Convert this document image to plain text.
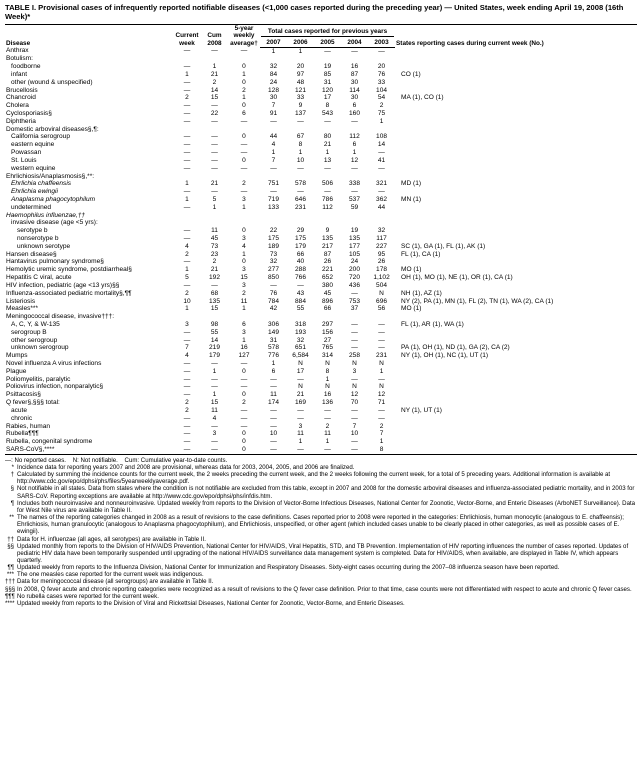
TABLE I. Provisional cases of infrequently reported notifiable diseases (<1,000 cases reported during the preceding year) — United States, week ending April 19, 2008 (16th Week)*
Disease	Current week	Cum 2008	5-year weekly average†	Total cases reported for previous years					States reporting cases during current week (No.)
				2007	2006	2005	2004	2003	
Anthrax	—	—	—	1	1	—	—	—	
Botulism:									
foodborne	—	1	0	32	20	19	16	20	
infant	1	21	1	84	97	85	87	76	CO (1)
other (wound & unspecified)	—	2	0	24	48	31	30	33	
Brucellosis	—	14	2	128	121	120	114	104	
Chancroid	2	15	1	30	33	17	30	54	MA (1), CO (1)
Cholera	—	—	0	7	9	8	6	2	
Cyclosporiasis§	—	22	6	91	137	543	160	75	
Diphtheria	—	—	—	—	—	—	—	1	
Domestic arboviral diseases§,¶:									
California serogroup	—	—	0	44	67	80	112	108	
eastern equine	—	—	—	4	8	21	6	14	
Powassan	—	—	—	1	1	1	1	—	
St. Louis	—	—	0	7	10	13	12	41	
western equine	—	—	—	—	—	—	—	—	
Ehrlichiosis/Anaplasmosis§,**:									
Ehrlichia chaffeensis	1	21	2	751	578	506	338	321	MD (1)
Ehrlichia ewingii	—	—	—	—	—	—	—	—	
Anaplasma phagocytophilum	1	5	3	719	646	786	537	362	MN (1)
undetermined	—	1	1	133	231	112	59	44	
Haemophilus influenzae,††									
invasive disease (age <5 yrs):									
serotype b	—	11	0	22	29	9	19	32	
nonserotype b	—	45	3	175	175	135	135	117	
unknown serotype	4	73	4	189	179	217	177	227	SC (1), GA (1), FL (1), AK (1)
Hansen disease§	2	23	1	73	66	87	105	95	FL (1), CA (1)
Hantavirus pulmonary syndrome§	—	2	0	32	40	26	24	26	
Hemolytic uremic syndrome, postdiarrheal§	1	21	3	277	288	221	200	178	MO (1)
Hepatitis C viral, acute	5	192	15	850	766	652	720	1,102	OH (1), MO (1), NE (1), OR (1), CA (1)
HIV infection, pediatric (age <13 yrs)§§	—	—	3	—	—	380	436	504	
Influenza-associated pediatric mortality§,¶¶	2	68	2	76	43	45	—	N	NH (1), AZ (1)
Listeriosis	10	135	11	784	884	896	753	696	NY (2), PA (1), MN (1), FL (2), TN (1), WA (2), CA (1)
Measles***	1	15	1	42	55	66	37	56	MO (1)
Meningococcal disease, invasive†††:									
A, C, Y, & W-135	3	98	6	306	318	297	—	—	FL (1), AR (1), WA (1)
serogroup B	—	55	3	149	193	156	—	—	
other serogroup	—	14	1	31	32	27	—	—	
unknown serogroup	7	219	16	578	651	765	—	—	PA (1), OH (1), ND (1), GA (2), CA (2)
Mumps	4	179	127	776	6,584	314	258	231	NY (1), OH (1), NC (1), UT (1)
Novel influenza A virus infections	—	—	—	1	N	N	N	N	
Plague	—	1	0	6	17	8	3	1	
Poliomyelitis, paralytic	—	—	—	—	—	1	—	—	
Poliovirus infection, nonparalytic§	—	—	—	—	N	N	N	N	
Psittacosis§	—	1	0	11	21	16	12	12	
Q fever§,§§§ total:	2	15	2	174	169	136	70	71	
acute	2	11	—	—	—	—	—	—	NY (1), UT (1)
chronic	—	4	—	—	—	—	—	—	
Rabies, human	—	—	—	—	3	2	7	2	
Rubella¶¶¶	—	3	0	10	11	11	10	7	
Rubella, congenital syndrome	—	—	0	—	1	1	—	1	
SARS-CoV§,****	—	—	0	—	—	—	—	8	
—: No reported cases.    N: Not notifiable.    Cum: Cumulative year-to-date counts.
* Incidence data for reporting years 2007 and 2008 are provisional, whereas data for 2003, 2004, 2005, and 2006 are finalized.
† Calculated by summing the incidence counts for the current week, the 2 weeks preceding the current week, and the 2 weeks following the current week, for a total of 5 preceding years. Additional information is available at http://www.cdc.gov/epo/dphsi/phs/files/5yearweeklyaverage.pdf.
§ Not notifiable in all states. Data from states where the condition is not notifiable are excluded from this table, except in 2007 and 2008 for the domestic arboviral diseases and influenza-associated pediatric mortality, and in 2003 for SARS-CoV. Reporting exceptions are available at http://www.cdc.gov/epo/dphsi/phs/infdis.htm.
¶ Includes both neuroinvasive and nonneuroinvasive. Updated weekly from reports to the Division of Vector-Borne Infectious Diseases, National Center for Zoonotic, Vector-Borne, and Enteric Diseases (ArboNET Surveillance). Data for West Nile virus are available in Table II.
** The names of the reporting categories changed in 2008 as a result of revisions to the case definitions. Cases reported prior to 2008 were reported in the categories: Ehrlichiosis, human monocytic (analogous to E. chaffeensis); Ehrlichiosis, human granulocytic (analogous to Anaplasma phagocytophilum), and Ehrlichiosis, unspecified, or other agent (which included cases unable to be clearly placed in other categories, as well as possible cases of E. ewingii).
†† Data for H. influenzae (all ages, all serotypes) are available in Table II.
§§ Updated monthly from reports to the Division of HIV/AIDS Prevention, National Center for HIV/AIDS, Viral Hepatitis, STD, and TB Prevention. Implementation of HIV reporting influences the number of cases reported. Updates of pediatric HIV data have been temporarily suspended until upgrading of the national HIV/AIDS surveillance data management system is completed. Data for HIV/AIDS, when available, are displayed in Table IV, which appears quarterly.
¶¶ Updated weekly from reports to the Influenza Division, National Center for Immunization and Respiratory Diseases. Sixty-eight cases occurring during the 2007–08 influenza season have been reported.
*** The one measles case reported for the current week was indigenous.
††† Data for meningococcal disease (all serogroups) are available in Table II.
§§§ In 2008, Q fever acute and chronic reporting categories were recognized as a result of revisions to the Q fever case definition. Prior to that time, case counts were not differentiated with respect to acute and chronic Q fever cases.
¶¶¶ No rubella cases were reported for the current week.
**** Updated weekly from reports to the Division of Viral and Rickettsial Diseases, National Center for Zoonotic, Vector-Borne, and Enteric Diseases.
